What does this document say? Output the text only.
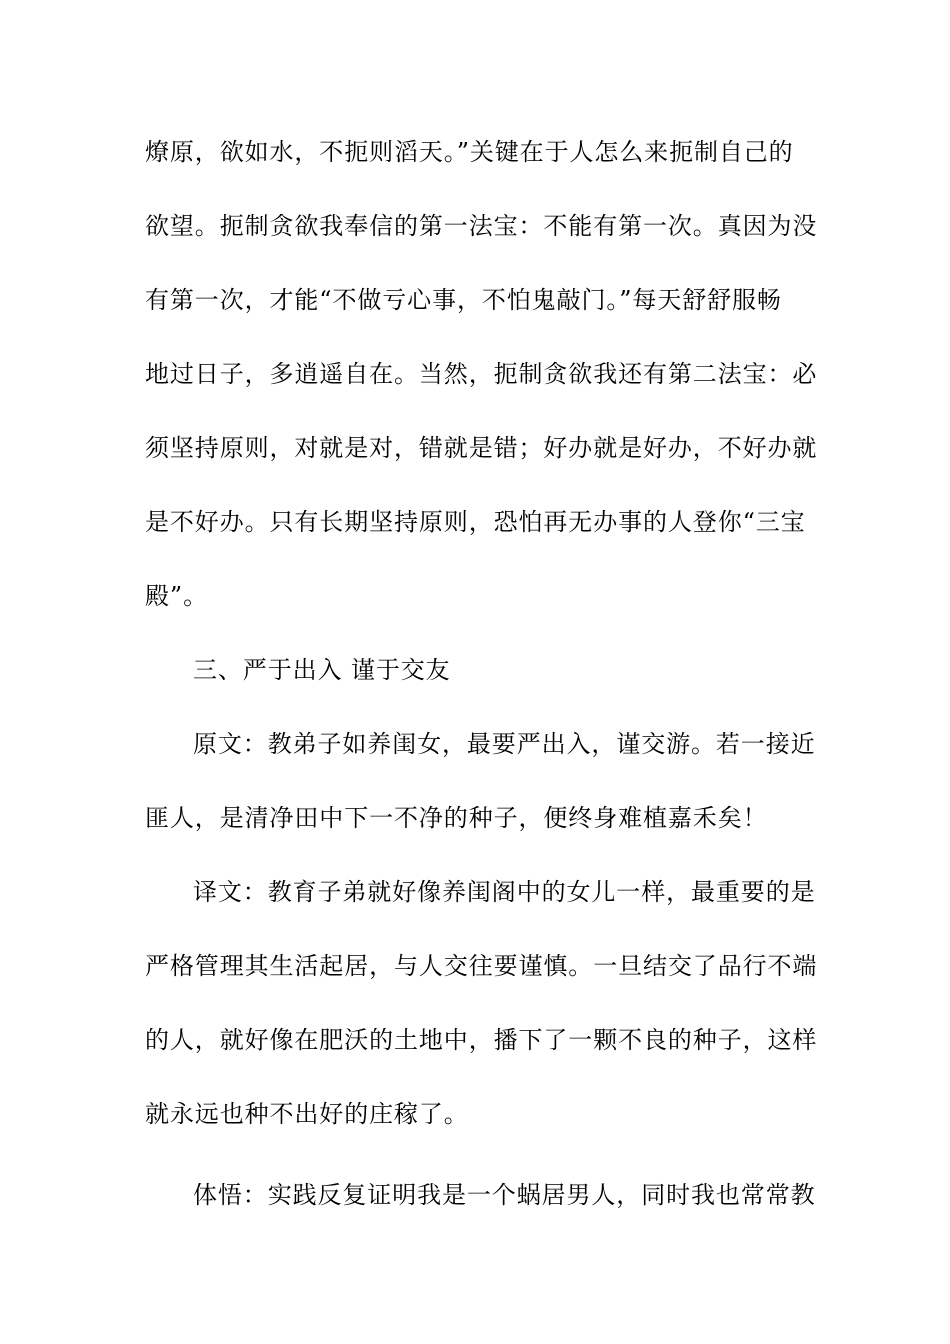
燎原，欲如水，不扼则滔天。”关键在于人怎么来扼制自己的
欲望。扼制贪欲我奉信的第一法宝：不能有第一次。真因为没
有第一次，才能“不做亏心事，不怕鬼敲门。”每天舒舒服畅
地过日子，多逍遥自在。当然，扼制贪欲我还有第二法宝：必
须坚持原则，对就是对，错就是错；好办就是好办，不好办就
是不好办。只有长期坚持原则，恐怕再无办事的人登你“三宝
殿”。
三、严于出入 谨于交友
原文：教弟子如养闺女，最要严出入，谨交游。若一接近
匪人，是清净田中下一不净的种子，便终身难植嘉禾矣！
译文：教育子弟就好像养闺阁中的女儿一样，最重要的是
严格管理其生活起居，与人交往要谨慎。一旦结交了品行不端
的人，就好像在肥沃的土地中，播下了一颗不良的种子，这样
就永远也种不出好的庄稼了。
体悟：实践反复证明我是一个蜗居男人，同时我也常常教
